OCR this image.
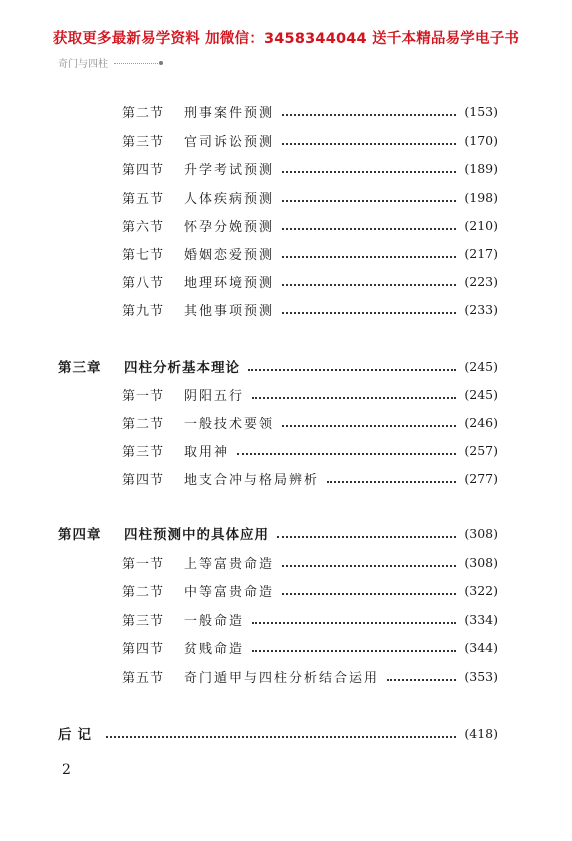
获取更多最新易学资料 加微信：3458344044 送千本精品易学电子书
奇门与四柱
第二节	刑事案件预测	(153)
第三节	官司诉讼预测	(170)
第四节	升学考试预测	(189)
第五节	人体疾病预测	(198)
第六节	怀孕分娩预测	(210)
第七节	婚姻恋爱预测	(217)
第八节	地理环境预测	(223)
第九节	其他事项预测	(233)
第三章	四柱分析基本理论	(245)
第一节	阴阳五行	(245)
第二节	一般技术要领	(246)
第三节	取用神	(257)
第四节	地支合冲与格局辨析	(277)
第四章	四柱预测中的具体应用	(308)
第一节	上等富贵命造	(308)
第二节	中等富贵命造	(322)
第三节	一般命造	(334)
第四节	贫贱命造	(344)
第五节	奇门遁甲与四柱分析结合运用	(353)
后记	(418)
2
